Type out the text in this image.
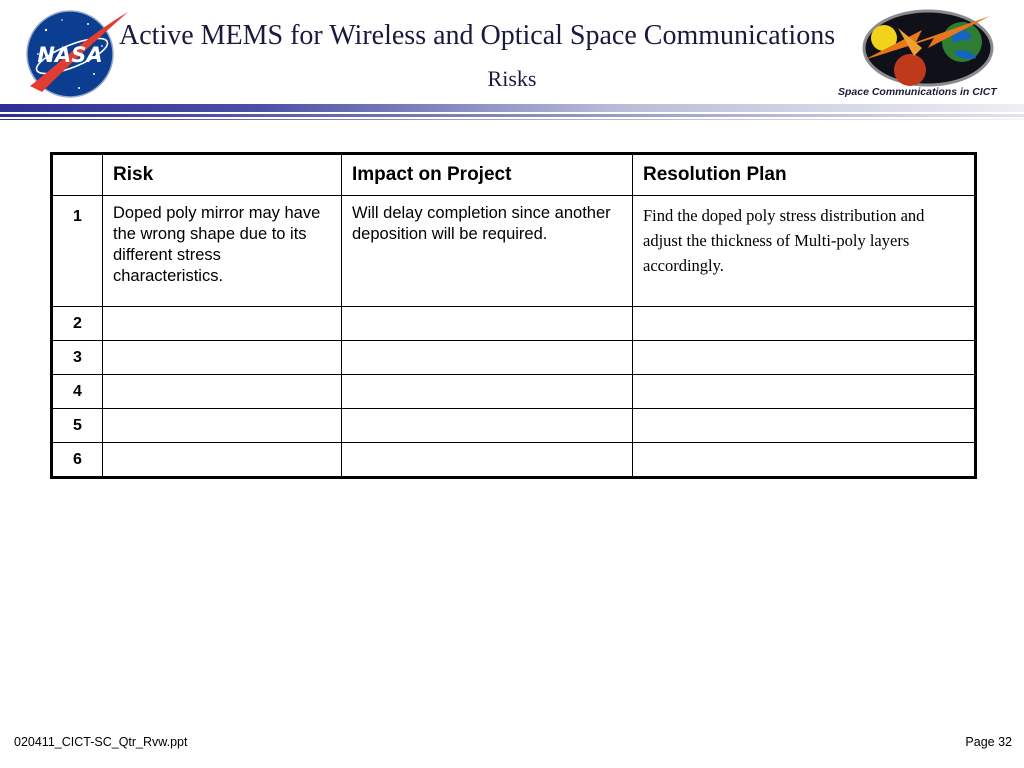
NASA
Active MEMS for Wireless and Optical Space Communications
Risks
Space Communications in CICT
	Risk	Impact on Project	Resolution Plan
1	Doped poly mirror may have the wrong shape due to its different stress characteristics.	Will delay completion since another deposition will be required.	Find the doped poly stress distribution and adjust the thickness of Multi-poly layers accordingly.

2			
3			
4			
5			
6			
020411_CICT-SC_Qtr_Rvw.ppt	Page 32
